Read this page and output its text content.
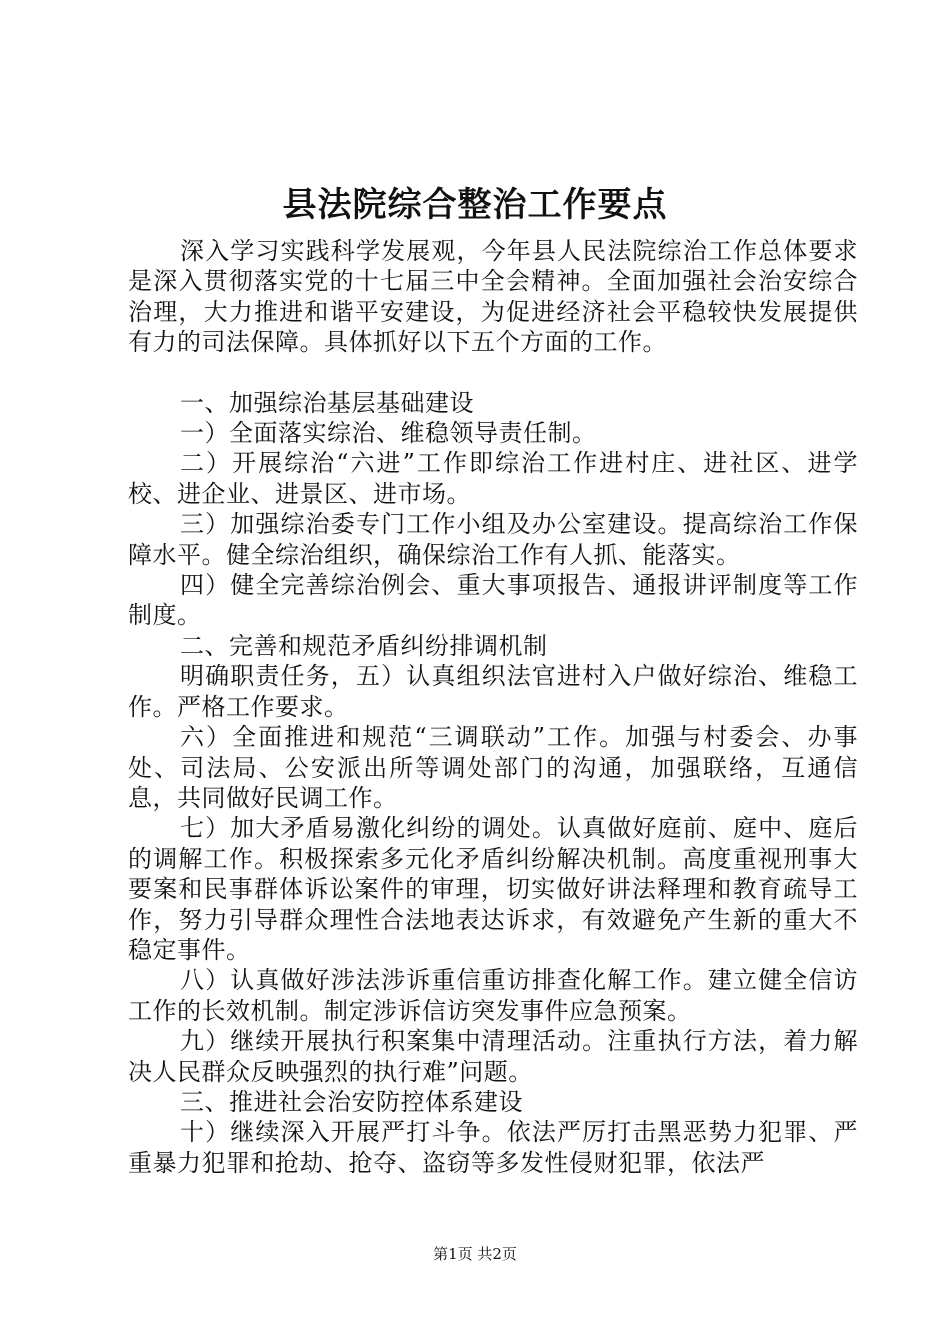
县法院综合整治工作要点

深入学习实践科学发展观，今年县人民法院综治工作总体要求是深入贯彻落实党的十七届三中全会精神。全面加强社会治安综合治理，大力推进和谐平安建设，为促进经济社会平稳较快发展提供有力的司法保障。具体抓好以下五个方面的工作。

一、加强综治基层基础建设

一）全面落实综治、维稳领导责任制。

二）开展综治“六进”工作即综治工作进村庄、进社区、进学校、进企业、进景区、进市场。

三）加强综治委专门工作小组及办公室建设。提高综治工作保障水平。健全综治组织，确保综治工作有人抓、能落实。

四）健全完善综治例会、重大事项报告、通报讲评制度等工作制度。

二、完善和规范矛盾纠纷排调机制

明确职责任务，五）认真组织法官进村入户做好综治、维稳工作。严格工作要求。

六）全面推进和规范“三调联动”工作。加强与村委会、办事处、司法局、公安派出所等调处部门的沟通，加强联络，互通信息，共同做好民调工作。

七）加大矛盾易激化纠纷的调处。认真做好庭前、庭中、庭后的调解工作。积极探索多元化矛盾纠纷解决机制。高度重视刑事大要案和民事群体诉讼案件的审理，切实做好讲法释理和教育疏导工作，努力引导群众理性合法地表达诉求，有效避免产生新的重大不稳定事件。

八）认真做好涉法涉诉重信重访排查化解工作。建立健全信访工作的长效机制。制定涉诉信访突发事件应急预案。

九）继续开展执行积案集中清理活动。注重执行方法，着力解决人民群众反映强烈的执行难”问题。

三、推进社会治安防控体系建设

十）继续深入开展严打斗争。依法严厉打击黑恶势力犯罪、严重暴力犯罪和抢劫、抢夺、盗窃等多发性侵财犯罪，依法严

第1页 共2页
